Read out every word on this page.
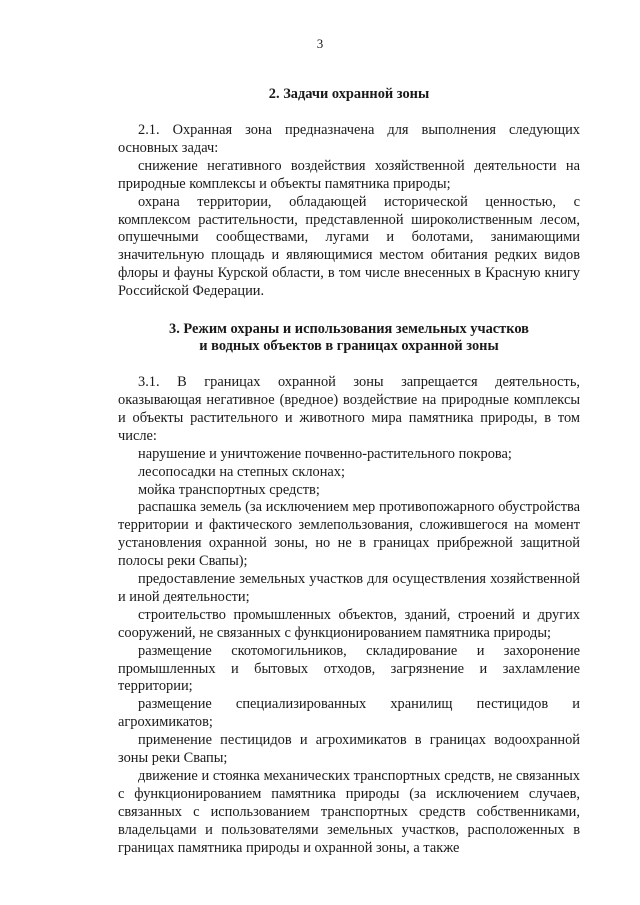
3
2. Задачи охранной зоны

2.1. Охранная зона предназначена для выполнения следующих основных задач:

снижение негативного воздействия хозяйственной деятельности на природные комплексы и объекты памятника природы;

охрана территории, обладающей исторической ценностью, с комплексом растительности, представленной широколиственным лесом, опушечными сообществами, лугами и болотами, занимающими значительную площадь и являющимися местом обитания редких видов флоры и фауны Курской области, в том числе внесенных в Красную книгу Российской Федерации.

3. Режим охраны и использования земельных участков
и водных объектов в границах охранной зоны

3.1. В границах охранной зоны запрещается деятельность, оказывающая негативное (вредное) воздействие на природные комплексы и объекты растительного и животного мира памятника природы, в том числе:

нарушение и уничтожение почвенно-растительного покрова;

лесопосадки на степных склонах;

мойка транспортных средств;

распашка земель (за исключением мер противопожарного обустройства территории и фактического землепользования, сложившегося на момент установления охранной зоны, но не в границах прибрежной защитной полосы реки Свапы);

предоставление земельных участков для осуществления хозяйственной и иной деятельности;

строительство промышленных объектов, зданий, строений и других сооружений, не связанных с функционированием памятника природы;

размещение скотомогильников, складирование и захоронение промышленных и бытовых отходов, загрязнение и захламление территории;

размещение специализированных хранилищ пестицидов и агрохимикатов;

применение пестицидов и агрохимикатов в границах водоохранной зоны реки Свапы;

движение и стоянка механических транспортных средств, не связанных с функционированием памятника природы (за исключением случаев, связанных с использованием транспортных средств собственниками, владельцами и пользователями земельных участков, расположенных в границах памятника природы и охранной зоны, а также
